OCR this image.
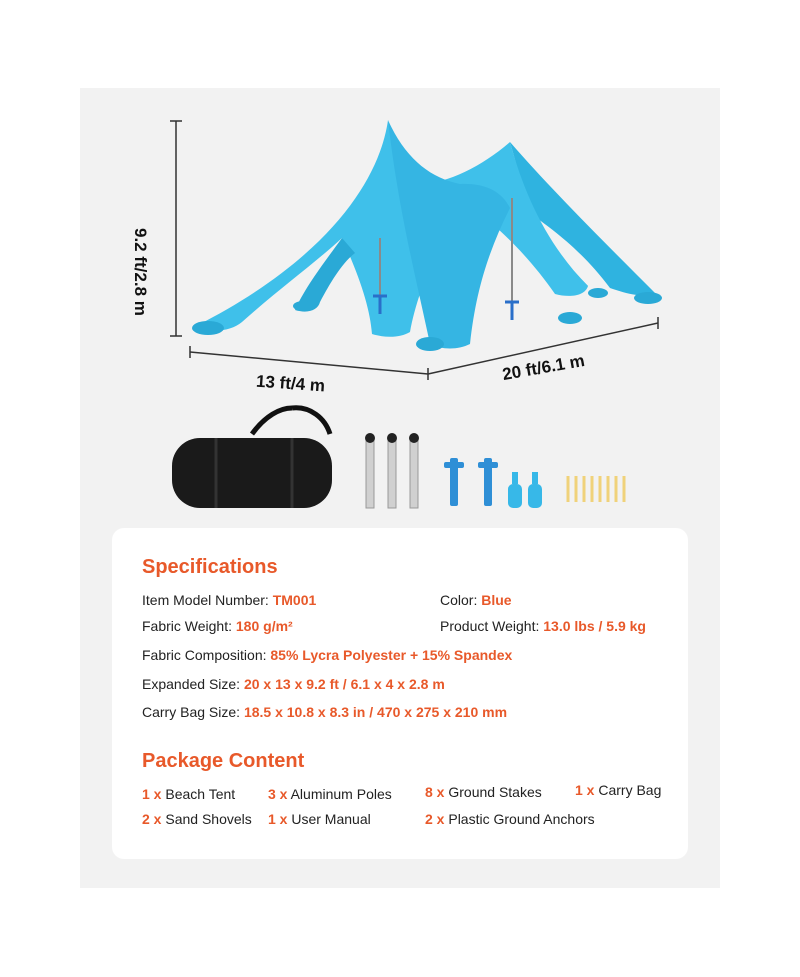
9.2 ft/2.8 m
13 ft/4 m	20 ft/6.1 m
Specifications
Item Model Number: TM001	Color: Blue
Fabric Weight: 180 g/m²	Product Weight: 13.0 lbs / 5.9 kg
Fabric Composition: 85% Lycra Polyester + 15% Spandex
Expanded Size: 20 x 13 x 9.2 ft / 6.1 x 4 x 2.8 m
Carry Bag Size: 18.5 x 10.8 x 8.3 in / 470 x 275 x 210 mm
Package Content
1 x Beach Tent 3 x Aluminum Poles 8 x Ground Stakes 1 x Carry Bag
2 x Sand Shovels 1 x User Manual	2 x Plastic Ground Anchors
